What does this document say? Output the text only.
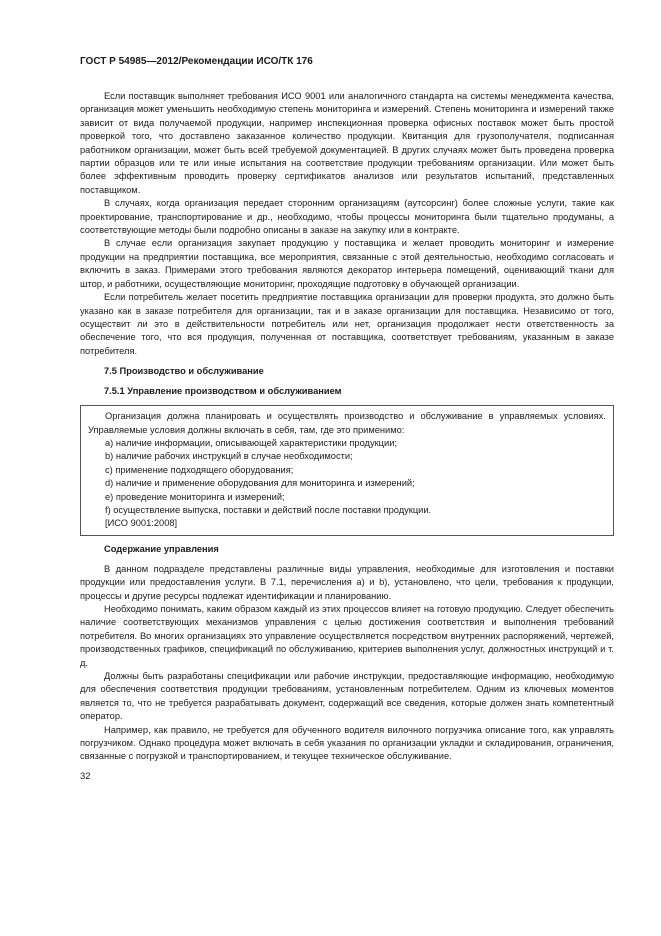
ГОСТ Р 54985—2012/Рекомендации ИСО/ТК 176

Если поставщик выполняет требования ИСО 9001 или аналогичного стандарта на системы менеджмента качества, организация может уменьшить необходимую степень мониторинга и измерений. Степень мониторинга и измерений также зависит от вида получаемой продукции, например инспекционная проверка офисных поставок может быть простой проверкой того, что доставлено заказанное количество продукции. Квитанция для грузополучателя, подписанная работником организации, может быть всей требуемой документацией. В других случаях может быть проведена проверка партии образцов или те или иные испытания на соответствие продукции требованиям организации. Или может быть более эффективным проводить проверку сертификатов анализов или результатов испытаний, представленных поставщиком.

В случаях, когда организация передает сторонним организациям (аутсорсинг) более сложные услуги, такие как проектирование, транспортирование и др., необходимо, чтобы процессы мониторинга были тщательно продуманы, а соответствующие методы были подробно описаны в заказе на закупку или в контракте.

В случае если организация закупает продукцию у поставщика и желает проводить мониторинг и измерение продукции на предприятии поставщика, все мероприятия, связанные с этой деятельностью, необходимо согласовать и включить в заказ. Примерами этого требования являются декоратор интерьера помещений, оценивающий ткани для штор, и работники, осуществляющие мониторинг, проходящие подготовку в обучающей организации.

Если потребитель желает посетить предприятие поставщика организации для проверки продукта, это должно быть указано как в заказе потребителя для организации, так и в заказе организации для поставщика. Независимо от того, осуществит ли это в действительности потребитель или нет, организация продолжает нести ответственность за обеспечение того, что вся продукция, полученная от поставщика, соответствует требованиям, указанным в заказе потребителя.

7.5 Производство и обслуживание
7.5.1 Управление производством и обслуживанием

Организация должна планировать и осуществлять производство и обслуживание в управляемых условиях. Управляемые условия должны включать в себя, там, где это применимо:

a) наличие информации, описывающей характеристики продукции;

b) наличие рабочих инструкций в случае необходимости;

c) применение подходящего оборудования;

d) наличие и применение оборудования для мониторинга и измерений;

e) проведение мониторинга и измерений;

f) осуществление выпуска, поставки и действий после поставки продукции.

[ИСО 9001:2008]

Содержание управления

В данном подразделе представлены различные виды управления, необходимые для изготовления и поставки продукции или предоставления услуги. В 7.1, перечисления а) и b), установлено, что цели, требования к продукции, процессы и другие ресурсы подлежат идентификации и планированию.

Необходимо понимать, каким образом каждый из этих процессов влияет на готовую продукцию. Следует обеспечить наличие соответствующих механизмов управления с целью достижения соответствия и выполнения требований потребителя. Во многих организациях это управление осуществляется посредством внутренних распоряжений, чертежей, производственных графиков, спецификаций по обслуживанию, критериев выполнения услуг, должностных инструкций и т. д.

Должны быть разработаны спецификации или рабочие инструкции, предоставляющие информацию, необходимую для обеспечения соответствия продукции требованиям, установленным потребителем. Одним из ключевых моментов является то, что не требуется разрабатывать документ, содержащий все сведения, которые должен знать компетентный оператор.

Например, как правило, не требуется для обученного водителя вилочного погрузчика описание того, как управлять погрузчиком. Однако процедура может включать в себя указания по организации укладки и складирования, ограничения, связанные с погрузкой и транспортированием, и текущее техническое обслуживание.

32
